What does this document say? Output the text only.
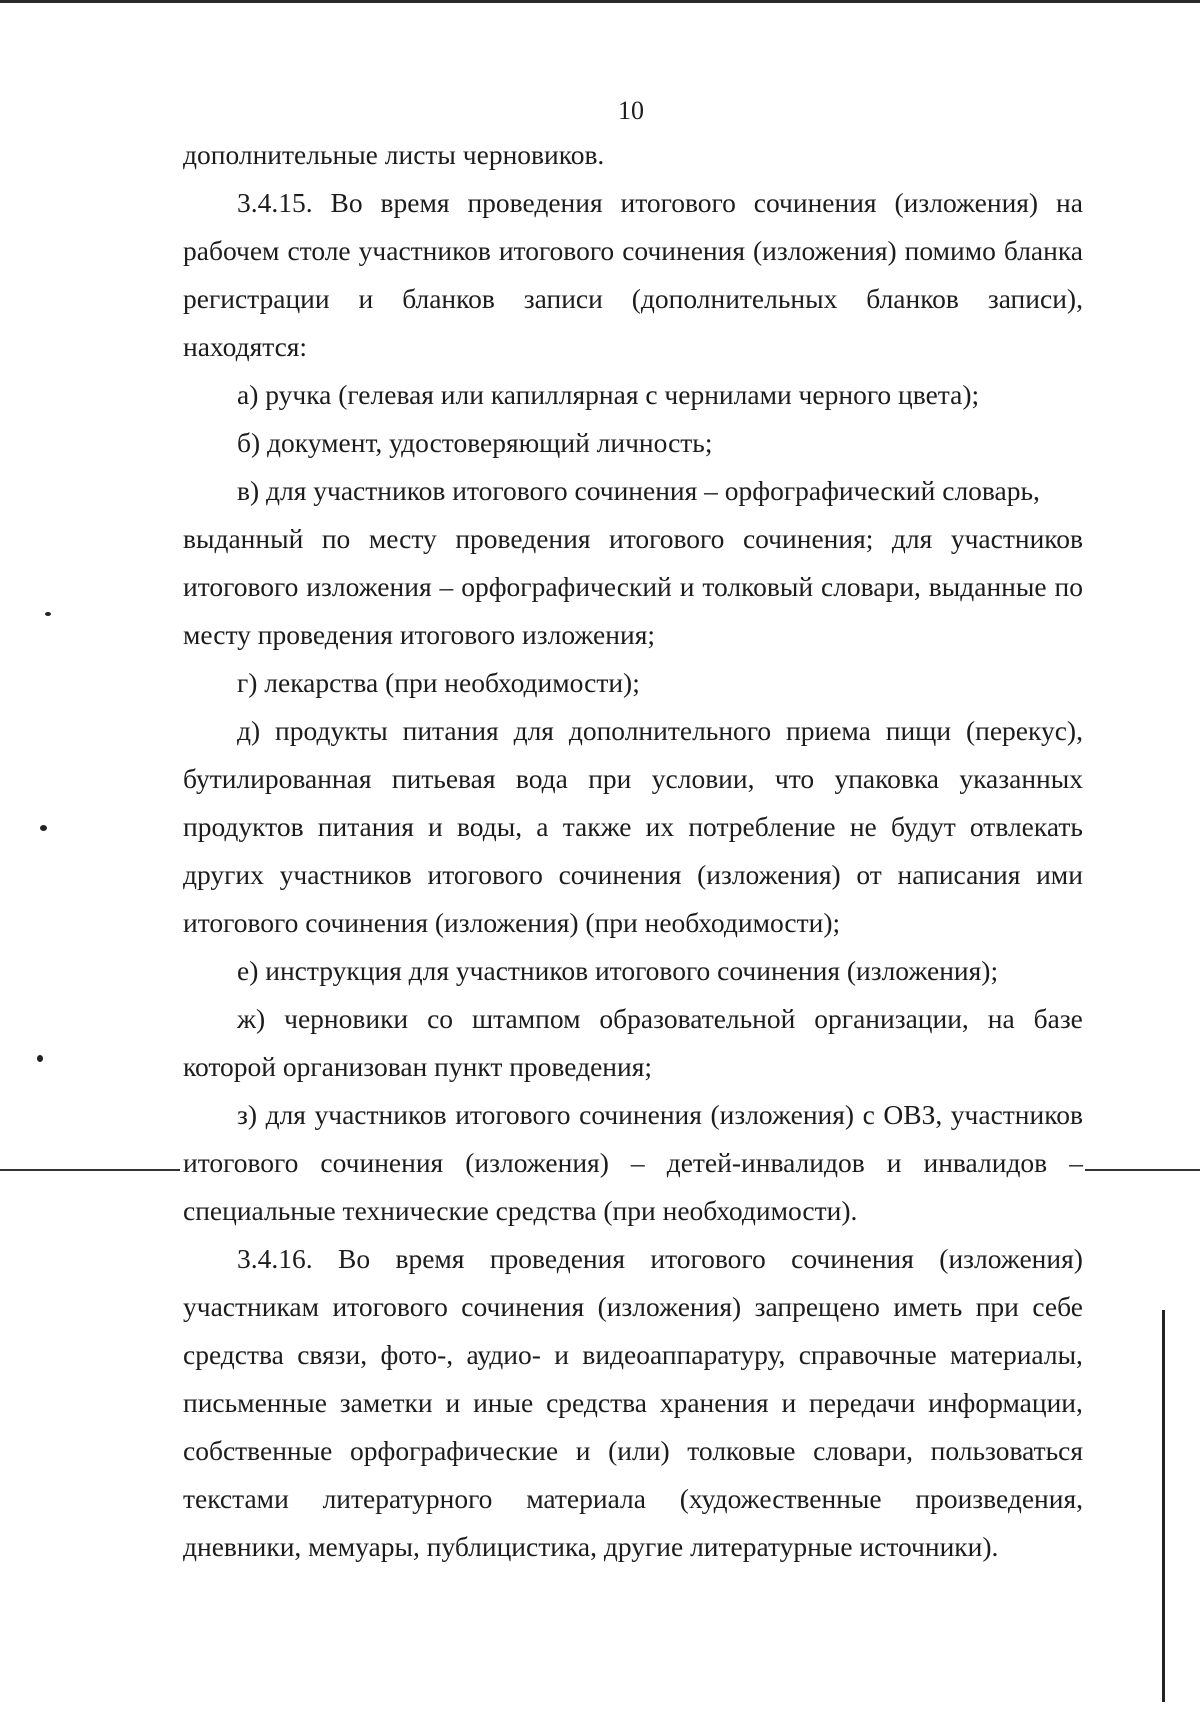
10
дополнительные листы черновиков.
3.4.15. Во время проведения итогового сочинения (изложения) на
рабочем столе участников итогового сочинения (изложения) помимо бланка
регистрации и бланков записи (дополнительных бланков записи),
находятся:
а) ручка (гелевая или капиллярная с чернилами черного цвета);
б) документ, удостоверяющий личность;
в) для участников итогового сочинения – орфографический словарь,
выданный по месту проведения итогового сочинения; для участников
итогового изложения – орфографический и толковый словари, выданные по
месту проведения итогового изложения;
г) лекарства (при необходимости);
д) продукты питания для дополнительного приема пищи (перекус),
бутилированная питьевая вода при условии, что упаковка указанных
продуктов питания и воды, а также их потребление не будут отвлекать
других участников итогового сочинения (изложения) от написания ими
итогового сочинения (изложения) (при необходимости);
е) инструкция для участников итогового сочинения (изложения);
ж) черновики со штампом образовательной организации, на базе
которой организован пункт проведения;
з) для участников итогового сочинения (изложения) с ОВЗ, участников
итогового сочинения (изложения) – детей-инвалидов и инвалидов –
специальные технические средства (при необходимости).
3.4.16. Во время проведения итогового сочинения (изложения)
участникам итогового сочинения (изложения) запрещено иметь при себе
средства связи, фото-, аудио- и видеоаппаратуру, справочные материалы,
письменные заметки и иные средства хранения и передачи информации,
собственные орфографические и (или) толковые словари, пользоваться
текстами литературного материала (художественные произведения,
дневники, мемуары, публицистика, другие литературные источники).
